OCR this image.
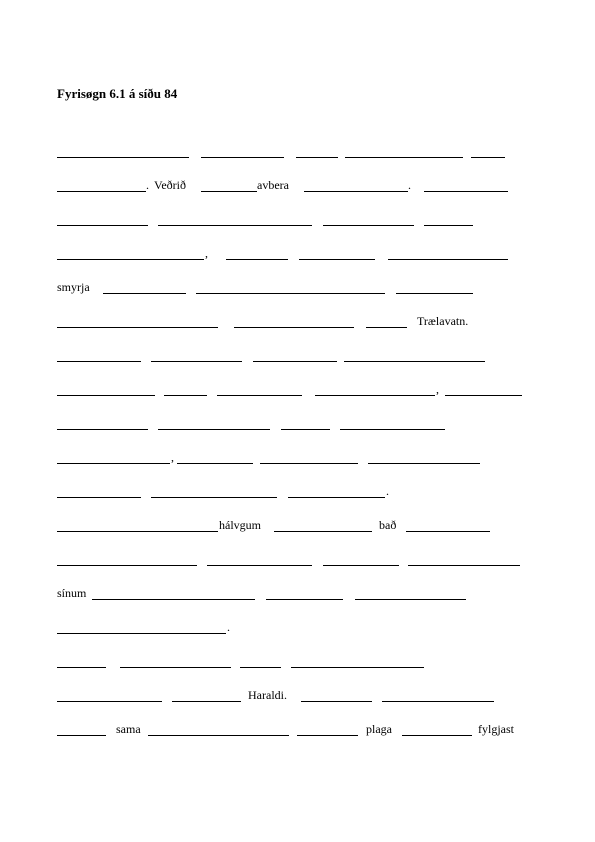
Fyrisøgn 6.1 á síðu 84
. Veðrið	avbera	.
,
smyrja
Trælavatn.
,
,
.
hálvgum	bað
sínum
.
Haraldi.
sama	plaga	fylgjast
